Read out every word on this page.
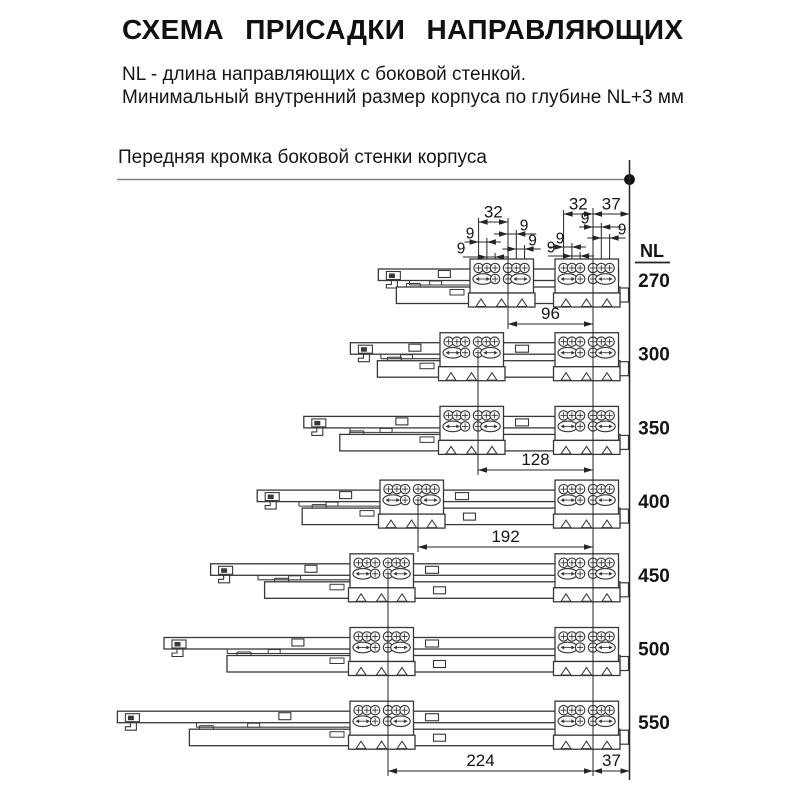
СХЕМА ПРИСАДКИ НАПРАВЛЯЮЩИХ
NL - длина направляющих с боковой стенкой.
Минимальный внутренний размер корпуса по глубине NL+3 мм
Передняя кромка боковой стенки корпуса
96
128
192
224	37
32
9
9
9
9
32 37
9
9
9
9	NL
270
300
350
400
450
500
550
